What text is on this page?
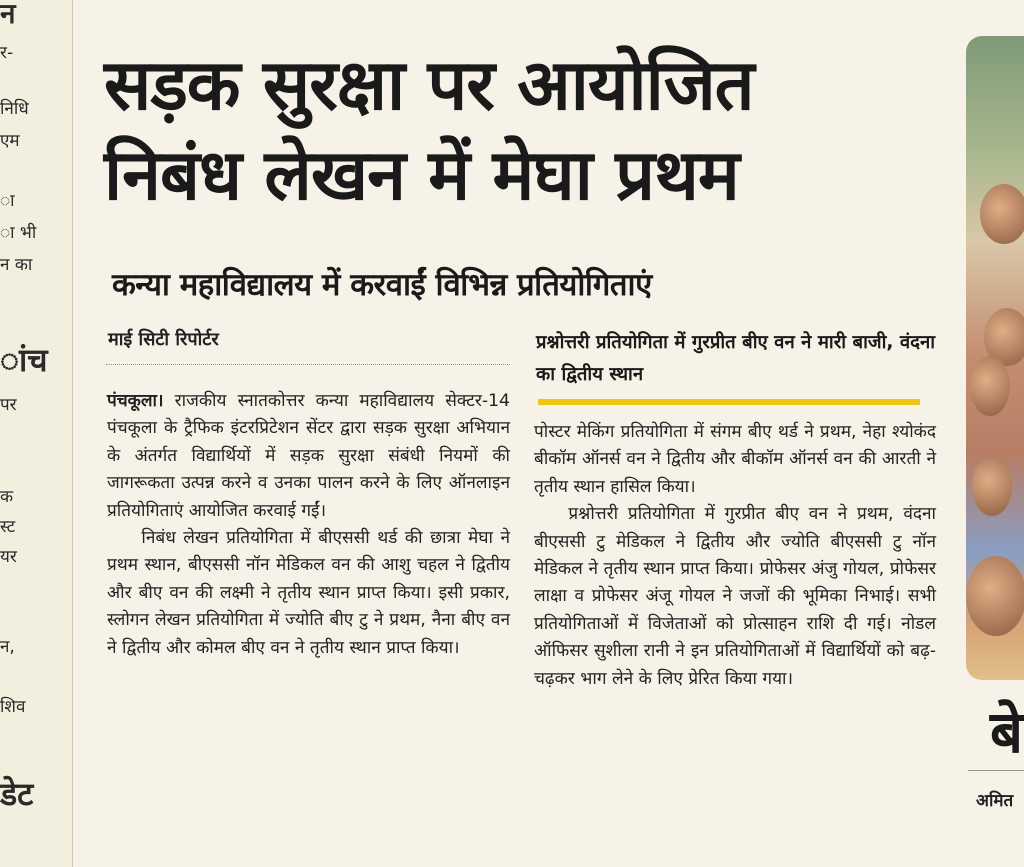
न
र-
निधि
एम
ा
ा भी
न का
ांच
पर
क
स्ट
यर
न,
शिव
डेट
सड़क सुरक्षा पर आयोजित
निबंध लेखन में मेघा प्रथम
कन्या महाविद्यालय में करवाईं विभिन्न प्रतियोगिताएं
माई सिटी रिपोर्टर	प्रश्नोत्तरी प्रतियोगिता में गुरप्रीत बीए वन ने मारी बाजी, वंदना का द्वितीय स्थान

पंचकूला। राजकीय स्नातकोत्तर कन्या महाविद्यालय सेक्टर-14 पंचकूला के ट्रैफिक इंटरप्रिटेशन सेंटर द्वारा सड़क सुरक्षा अभियान के अंतर्गत विद्यार्थियों में सड़क सुरक्षा संबंधी नियमों की जागरूकता उत्पन्न करने व उनका पालन करने के लिए ऑनलाइन प्रतियोगिताएं आयोजित करवाई गईं।

निबंध लेखन प्रतियोगिता में बीएससी थर्ड की छात्रा मेघा ने प्रथम स्थान, बीएससी नॉन मेडिकल वन की आशु चहल ने द्वितीय और बीए वन की लक्ष्मी ने तृतीय स्थान प्राप्त किया। इसी प्रकार, स्लोगन लेखन प्रतियोगिता में ज्योति बीए टु ने प्रथम, नैना बीए वन ने द्वितीय और कोमल बीए वन ने तृतीय स्थान प्राप्त किया।

पोस्टर मेकिंग प्रतियोगिता में संगम बीए थर्ड ने प्रथम, नेहा श्योकंद बीकॉम ऑनर्स वन ने द्वितीय और बीकॉम ऑनर्स वन की आरती ने तृतीय स्थान हासिल किया।

प्रश्नोत्तरी प्रतियोगिता में गुरप्रीत बीए वन ने प्रथम, वंदना बीएससी टु मेडिकल ने द्वितीय और ज्योति बीएससी टु नॉन मेडिकल ने तृतीय स्थान प्राप्त किया। प्रोफेसर अंजु गोयल, प्रोफेसर लाक्षा व प्रोफेसर अंजू गोयल ने जजों की भूमिका निभाई। सभी प्रतियोगिताओं में विजेताओं को प्रोत्साहन राशि दी गई। नोडल ऑफिसर सुशीला रानी ने इन प्रतियोगिताओं में विद्यार्थियों को बढ़-चढ़कर भाग लेने के लिए प्रेरित किया गया।

बे
अमित
